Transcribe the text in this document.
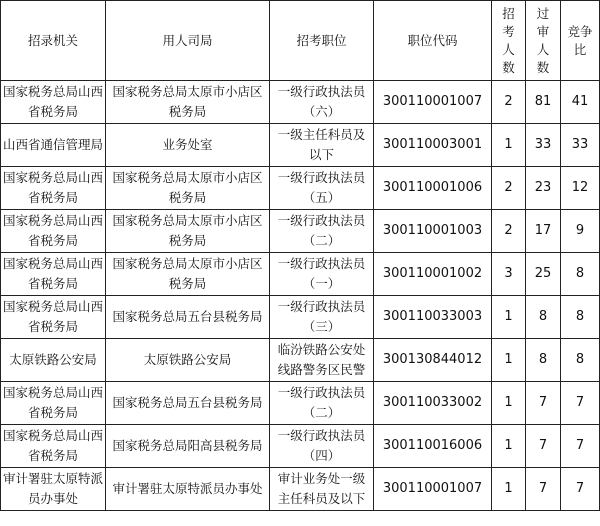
招录机关	用人司局	招考职位	职位代码	招
考
人
数	过
审
人
数	竞争
比

国家税务总局山西省税务局	国家税务总局太原市小店区税务局	一级行政执法员（六）	300110001007	2	81	41
山西省通信管理局	业务处室	一级主任科员及以下	300110003001	1	33	33
国家税务总局山西省税务局	国家税务总局太原市小店区税务局	一级行政执法员（五）	300110001006	2	23	12
国家税务总局山西省税务局	国家税务总局太原市小店区税务局	一级行政执法员（二）	300110001003	2	17	9
国家税务总局山西省税务局	国家税务总局太原市小店区税务局	一级行政执法员（一）	300110001002	3	25	8
国家税务总局山西省税务局	国家税务总局五台县税务局	一级行政执法员（三）	300110033003	1	8	8
太原铁路公安局	太原铁路公安局	临汾铁路公安处线路警务区民警	300130844012	1	8	8
国家税务总局山西省税务局	国家税务总局五台县税务局	一级行政执法员（二）	300110033002	1	7	7
国家税务总局山西省税务局	国家税务总局阳高县税务局	一级行政执法员（四）	300110016006	1	7	7
审计署驻太原特派员办事处	审计署驻太原特派员办事处	审计业务处一级主任科员及以下	300110001007	1	7	7
